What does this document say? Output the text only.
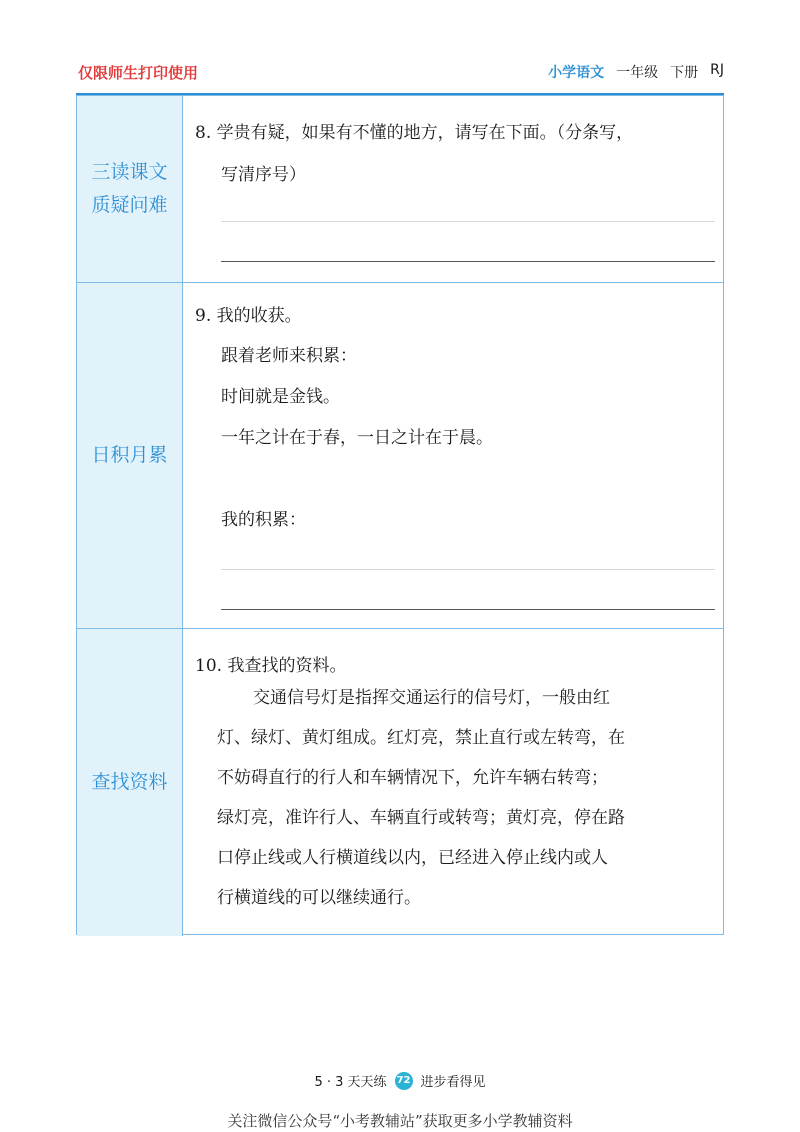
仅限师生打印使用	小学语文 一年级 下册 RJ
三读课文
质疑问难
8. 学贵有疑，如果有不懂的地方，请写在下面。（分条写，
写清序号）
日积月累
9. 我的收获。
跟着老师来积累：
时间就是金钱。
一年之计在于春，一日之计在于晨。
我的积累：
查找资料
10. 我查找的资料。
交通信号灯是指挥交通运行的信号灯，一般由红
灯、绿灯、黄灯组成。红灯亮，禁止直行或左转弯，在
不妨碍直行的行人和车辆情况下，允许车辆右转弯；
绿灯亮，准许行人、车辆直行或转弯；黄灯亮，停在路
口停止线或人行横道线以内，已经进入停止线内或人
行横道线的可以继续通行。
5 · 3 天天练 72 进步看得见
关注微信公众号“小考教辅站”获取更多小学教辅资料
